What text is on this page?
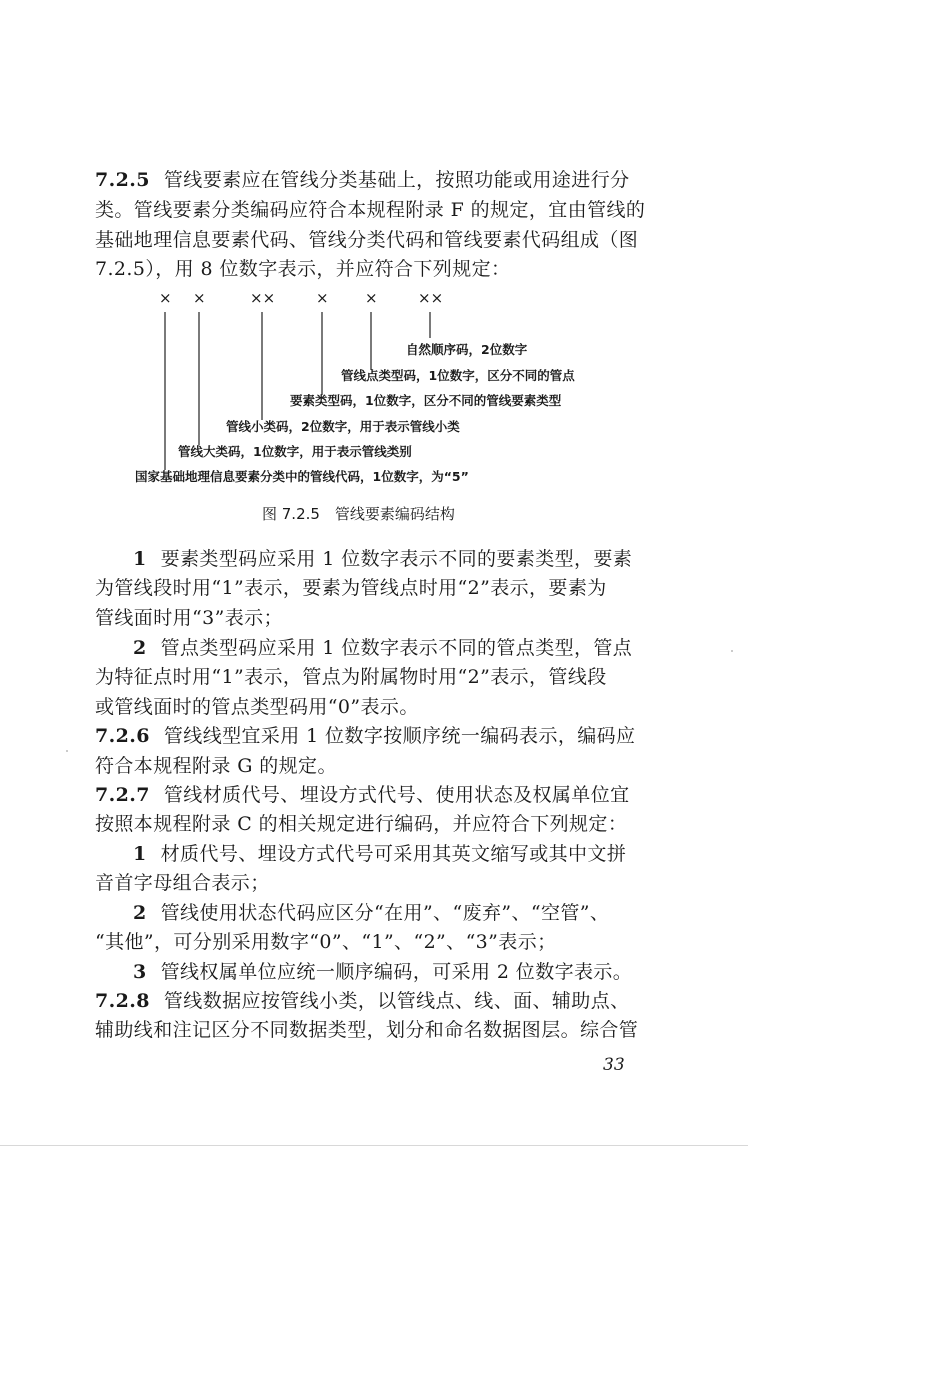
7.2.5 管线要素应在管线分类基础上，按照功能或用途进行分
类。管线要素分类编码应符合本规程附录 F 的规定，宜由管线的
基础地理信息要素代码、管线分类代码和管线要素代码组成（图
7.2.5），用 8 位数字表示，并应符合下列规定：
× ×	××	× ×	××
自然顺序码，2位数字
管线点类型码，1位数字，区分不同的管点
要素类型码，1位数字，区分不同的管线要素类型
管线小类码，2位数字，用于表示管线小类
管线大类码，1位数字，用于表示管线类别
国家基础地理信息要素分类中的管线代码，1位数字，为“5”
图 7.2.5　管线要素编码结构
1 要素类型码应采用 1 位数字表示不同的要素类型，要素
为管线段时用“1”表示，要素为管线点时用“2”表示，要素为
管线面时用“3”表示；
2 管点类型码应采用 1 位数字表示不同的管点类型，管点
为特征点时用“1”表示，管点为附属物时用“2”表示，管线段
或管线面时的管点类型码用“0”表示。
7.2.6 管线线型宜采用 1 位数字按顺序统一编码表示，编码应
符合本规程附录 G 的规定。
7.2.7 管线材质代号、埋设方式代号、使用状态及权属单位宜
按照本规程附录 C 的相关规定进行编码，并应符合下列规定：
1 材质代号、埋设方式代号可采用其英文缩写或其中文拼
音首字母组合表示；
2 管线使用状态代码应区分“在用”、“废弃”、“空管”、
“其他”，可分别采用数字“0”、“1”、“2”、“3”表示；
3 管线权属单位应统一顺序编码，可采用 2 位数字表示。
7.2.8 管线数据应按管线小类，以管线点、线、面、辅助点、
辅助线和注记区分不同数据类型，划分和命名数据图层。综合管
33
